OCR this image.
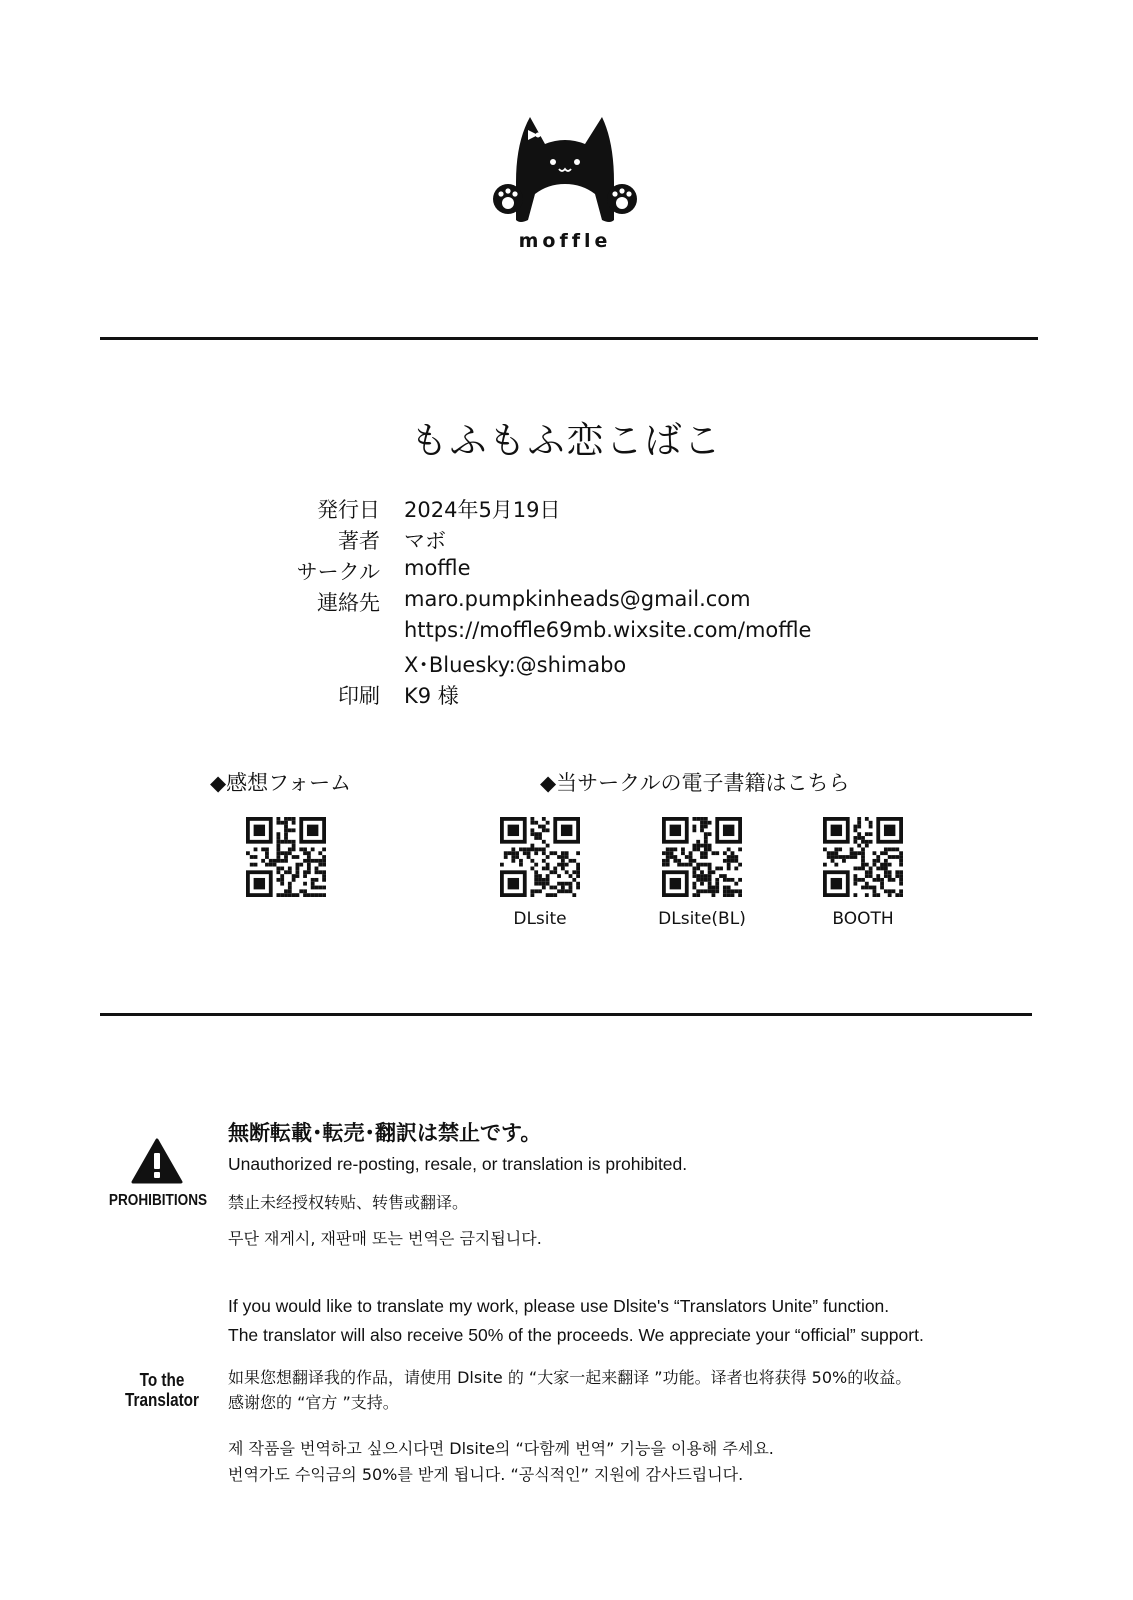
moffle
もふもふ恋こばこ
発行日 2024年5月19日
著者 マボ
サークル moffle
連絡先 maro.pumpkinheads@gmail.com
https://moffle69mb.wixsite.com/moffle
X･Bluesky:@shimabo
印刷 K9 様
◆感想フォーム	◆当サークルの電子書籍はこちら
DLsite	DLsite(BL)	BOOTH
PROHIBITIONS
無断転載･転売･翻訳は禁止です。
Unauthorized re-posting, resale, or translation is prohibited.
禁止未经授权转贴、转售或翻译。
무단 재게시, 재판매 또는 번역은 금지됩니다.
To the
Translator
If you would like to translate my work, please use Dlsite's “Translators Unite” function.
The translator will also receive 50% of the proceeds. We appreciate your “official” support.
如果您想翻译我的作品，请使用 Dlsite 的 “大家一起来翻译 ”功能。译者也将获得 50%的收益。
感谢您的 “官方 ”支持。
제 작품을 번역하고 싶으시다면 Dlsite의 “다함께 번역” 기능을 이용해 주세요.
번역가도 수익금의 50%를 받게 됩니다. “공식적인” 지원에 감사드립니다.
